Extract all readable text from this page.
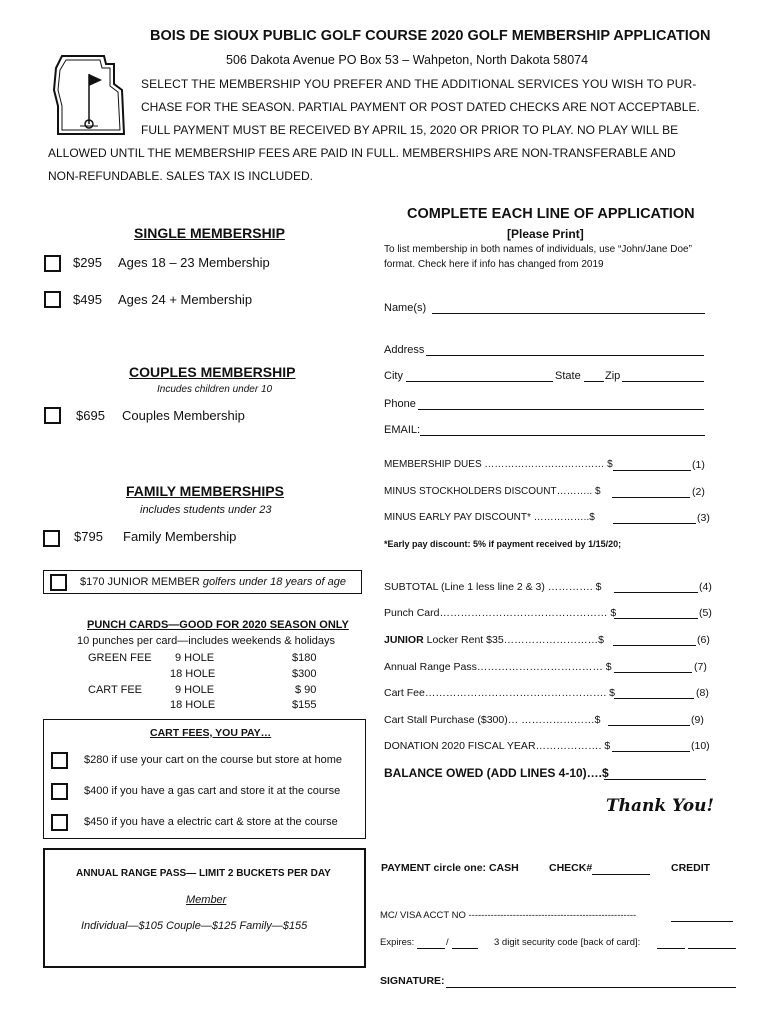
BOIS DE SIOUX PUBLIC GOLF COURSE 2020 GOLF MEMBERSHIP APPLICATION
506 Dakota Avenue PO Box 53 – Wahpeton, North Dakota 58074
SELECT THE MEMBERSHIP YOU PREFER AND THE ADDITIONAL SERVICES YOU WISH TO PUR-
CHASE FOR THE SEASON. PARTIAL PAYMENT OR POST DATED CHECKS ARE NOT ACCEPTABLE.
FULL PAYMENT MUST BE RECEIVED BY APRIL 15, 2020 OR PRIOR TO PLAY. NO PLAY WILL BE
ALLOWED UNTIL THE MEMBERSHIP FEES ARE PAID IN FULL. MEMBERSHIPS ARE NON-TRANSFERABLE AND
NON-REFUNDABLE. SALES TAX IS INCLUDED.
SINGLE MEMBERSHIP
$295 Ages 18 – 23 Membership
$495 Ages 24 + Membership
COUPLES MEMBERSHIP
Incudes children under 10
$695 Couples Membership
FAMILY MEMBERSHIPS
includes students under 23
$795 Family Membership
$170 JUNIOR MEMBER golfers under 18 years of age
PUNCH CARDS—GOOD FOR 2020 SEASON ONLY
10 punches per card—includes weekends & holidays
GREEN FEE 9 HOLE	$180
18 HOLE	$300
CART FEE	9 HOLE	$ 90
18 HOLE	$155
CART FEES, YOU PAY…
$280 if use your cart on the course but store at home
$400 if you have a gas cart and store it at the course
$450 if you have a electric cart & store at the course
ANNUAL RANGE PASS— LIMIT 2 BUCKETS PER DAY
Member
Individual—$105 Couple—$125 Family—$155
COMPLETE EACH LINE OF APPLICATION
[Please Print]
To list membership in both names of individuals, use “John/Jane Doe”
format. Check here if info has changed from 2019
Name(s)
Address
City	State Zip
Phone
EMAIL:
MEMBERSHIP DUES ……………………………… $	(1)
MINUS STOCKHOLDERS DISCOUNT……….. $	(2)
MINUS EARLY PAY DISCOUNT* ……………..$	(3)
*Early pay discount: 5% if payment received by 1/15/20;
SUBTOTAL (Line 1 less line 2 & 3) …………. $	(4)
Punch Card………………………………………… $	(5)
JUNIOR Locker Rent $35………………………$	(6)
Annual Range Pass……………………………… $	(7)
Cart Fee……………………………………………. $	(8)
Cart Stall Purchase ($300)… …………………$	(9)
DONATION 2020 FISCAL YEAR………………. $	(10)
BALANCE OWED (ADD LINES 4-10)….$
Thank You!
PAYMENT circle one: CASH	CHECK#	CREDIT
MC/ VISA ACCT NO -----------------------------------------------------
Expires:	/	3 digit security code [back of card]:
SIGNATURE:
